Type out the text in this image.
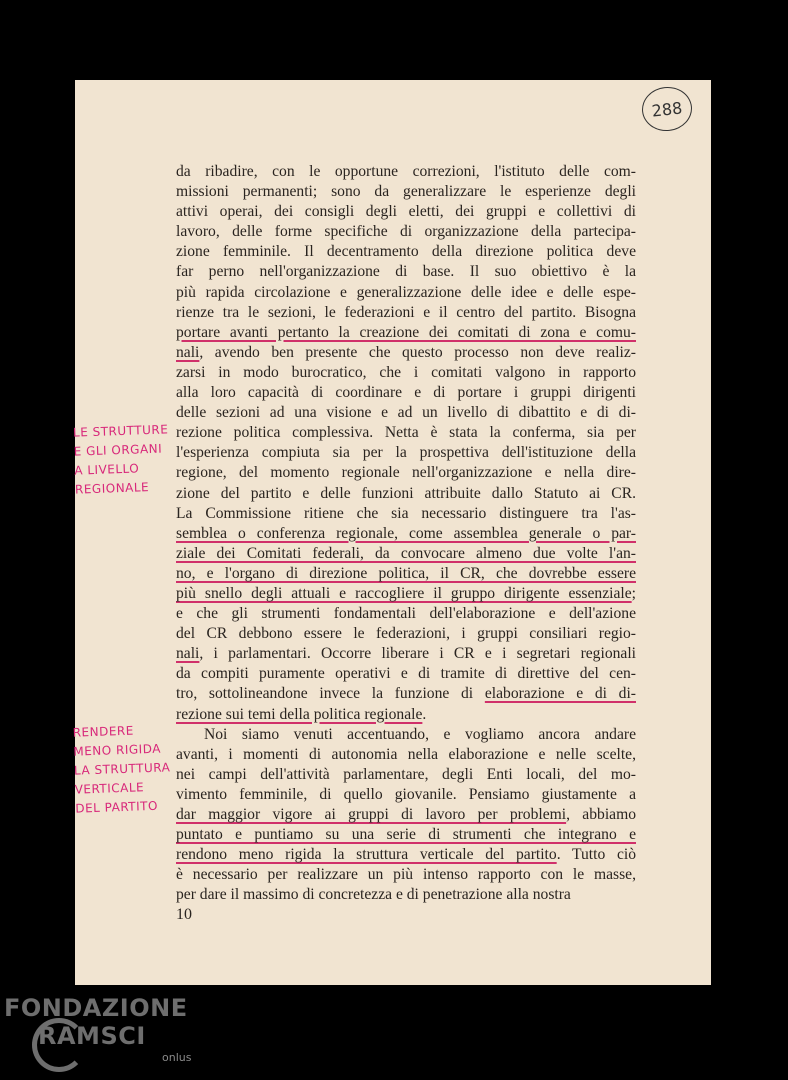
288
da ribadire, con le opportune correzioni, l'istituto delle com-
missioni permanenti; sono da generalizzare le esperienze degli
attivi operai, dei consigli degli eletti, dei gruppi e collettivi di
lavoro, delle forme specifiche di organizzazione della partecipa-
zione femminile. Il decentramento della direzione politica deve
far perno nell'organizzazione di base. Il suo obiettivo è la
più rapida circolazione e generalizzazione delle idee e delle espe-
rienze tra le sezioni, le federazioni e il centro del partito. Bisogna
portare avanti pertanto la creazione dei comitati di zona e comu-
nali, avendo ben presente che questo processo non deve realiz-
zarsi in modo burocratico, che i comitati valgono in rapporto
alla loro capacità di coordinare e di portare i gruppi dirigenti
delle sezioni ad una visione e ad un livello di dibattito e di di-
rezione politica complessiva. Netta è stata la conferma, sia per
l'esperienza compiuta sia per la prospettiva dell'istituzione della
regione, del momento regionale nell'organizzazione e nella dire-
zione del partito e delle funzioni attribuite dallo Statuto ai CR.
La Commissione ritiene che sia necessario distinguere tra l'as-
semblea o conferenza regionale, come assemblea generale o par-
ziale dei Comitati federali, da convocare almeno due volte l'an-
no, e l'organo di direzione politica, il CR, che dovrebbe essere
più snello degli attuali e raccogliere il gruppo dirigente essenziale;
e che gli strumenti fondamentali dell'elaborazione e dell'azione
del CR debbono essere le federazioni, i gruppi consiliari regio-
nali, i parlamentari. Occorre liberare i CR e i segretari regionali
da compiti puramente operativi e di tramite di direttive del cen-
tro, sottolineandone invece la funzione di elaborazione e di di-
rezione sui temi della politica regionale.
Noi siamo venuti accentuando, e vogliamo ancora andare
avanti, i momenti di autonomia nella elaborazione e nelle scelte,
nei campi dell'attività parlamentare, degli Enti locali, del mo-
vimento femminile, di quello giovanile. Pensiamo giustamente a
dar maggior vigore ai gruppi di lavoro per problemi, abbiamo
puntato e puntiamo su una serie di strumenti che integrano e
rendono meno rigida la struttura verticale del partito. Tutto ciò
è necessario per realizzare un più intenso rapporto con le masse,
per dare il massimo di concretezza e di penetrazione alla nostra
10
LE STRUTTURE
E GLI ORGANI
A LIVELLO
REGIONALE
RENDERE
MENO RIGIDA
LA STRUTTURA
VERTICALE
DEL PARTITO
FONDAZIONE
RAMSCI
onlus
